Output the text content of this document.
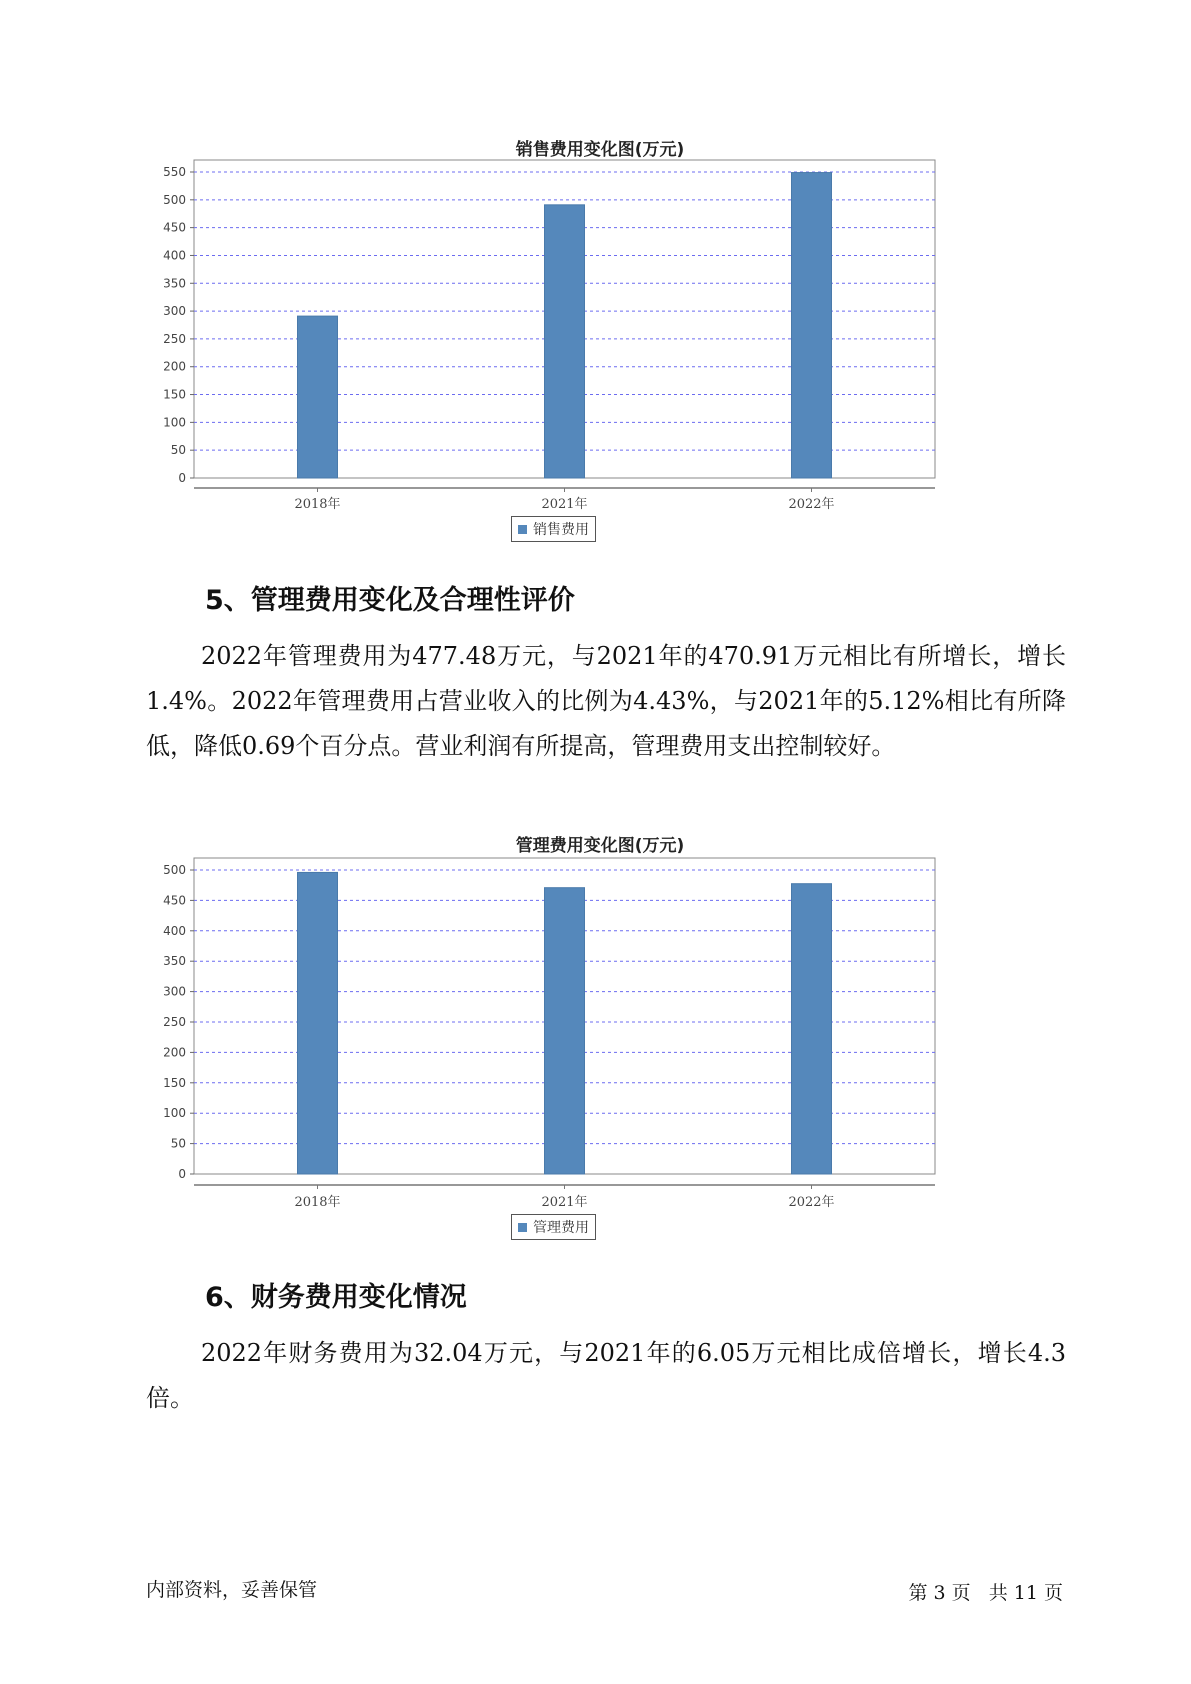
销售费用变化图(万元)
0
50
100
150
200
250
300
350
400
450
500
550
2018年	2021年	2022年
销售费用
5、管理费用变化及合理性评价

2022年管理费用为477.48万元，与2021年的470.91万元相比有所增长，增长1.4%。2022年管理费用占营业收入的比例为4.43%，与2021年的5.12%相比有所降低，降低0.69个百分点。营业利润有所提高，管理费用支出控制较好。

管理费用变化图(万元)
0
50
100
150
200
250
300
350
400
450
500
2018年	2021年	2022年
管理费用
6、财务费用变化情况

2022年财务费用为32.04万元，与2021年的6.05万元相比成倍增长，增长4.3倍。

内部资料，妥善保管	第 3 页   共 11 页
